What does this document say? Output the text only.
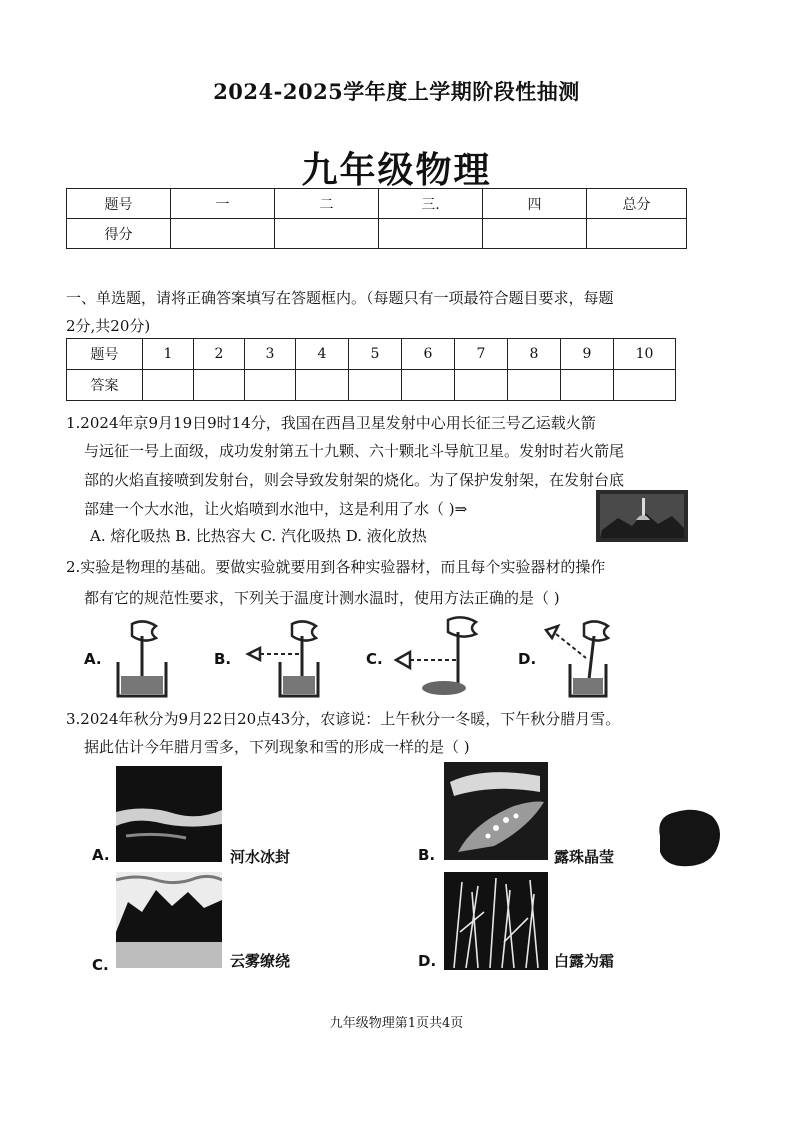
2024-2025学年度上学期阶段性抽测
九年级物理
题号	一	二	三.	四	总分
得分					
一、单选题，请将正确答案填写在答题框内。（每题只有一项最符合题目要求，每题
2分,共20分)
题号	1	2	3	4	5	6	7	8	9	10
答案										
1.2024年京9月19日9时14分，我国在西昌卫星发射中心用长征三号乙运载火箭
与远征一号上面级，成功发射第五十九颗、六十颗北斗导航卫星。发射时若火箭尾
部的火焰直接喷到发射台，则会导致发射架的烧化。为了保护发射架，在发射台底
部建一个大水池，让火焰喷到水池中，这是利用了水（ )⇒
A. 熔化吸热 B. 比热容大 C. 汽化吸热 D. 液化放热
2.实验是物理的基础。要做实验就要用到各种实验器材，而且每个实验器材的操作
都有它的规范性要求，下列关于温度计测水温时，使用方法正确的是（ )
A.	B.	C.	D.
3.2024年秋分为9月22日20点43分，农谚说：上午秋分一冬暖，下午秋分腊月雪。
据此估计今年腊月雪多，下列现象和雪的形成一样的是（ )
A.	河水冰封	B.	露珠晶莹
C.	云雾缭绕	D.	白露为霜
九年级物理第1页共4页
